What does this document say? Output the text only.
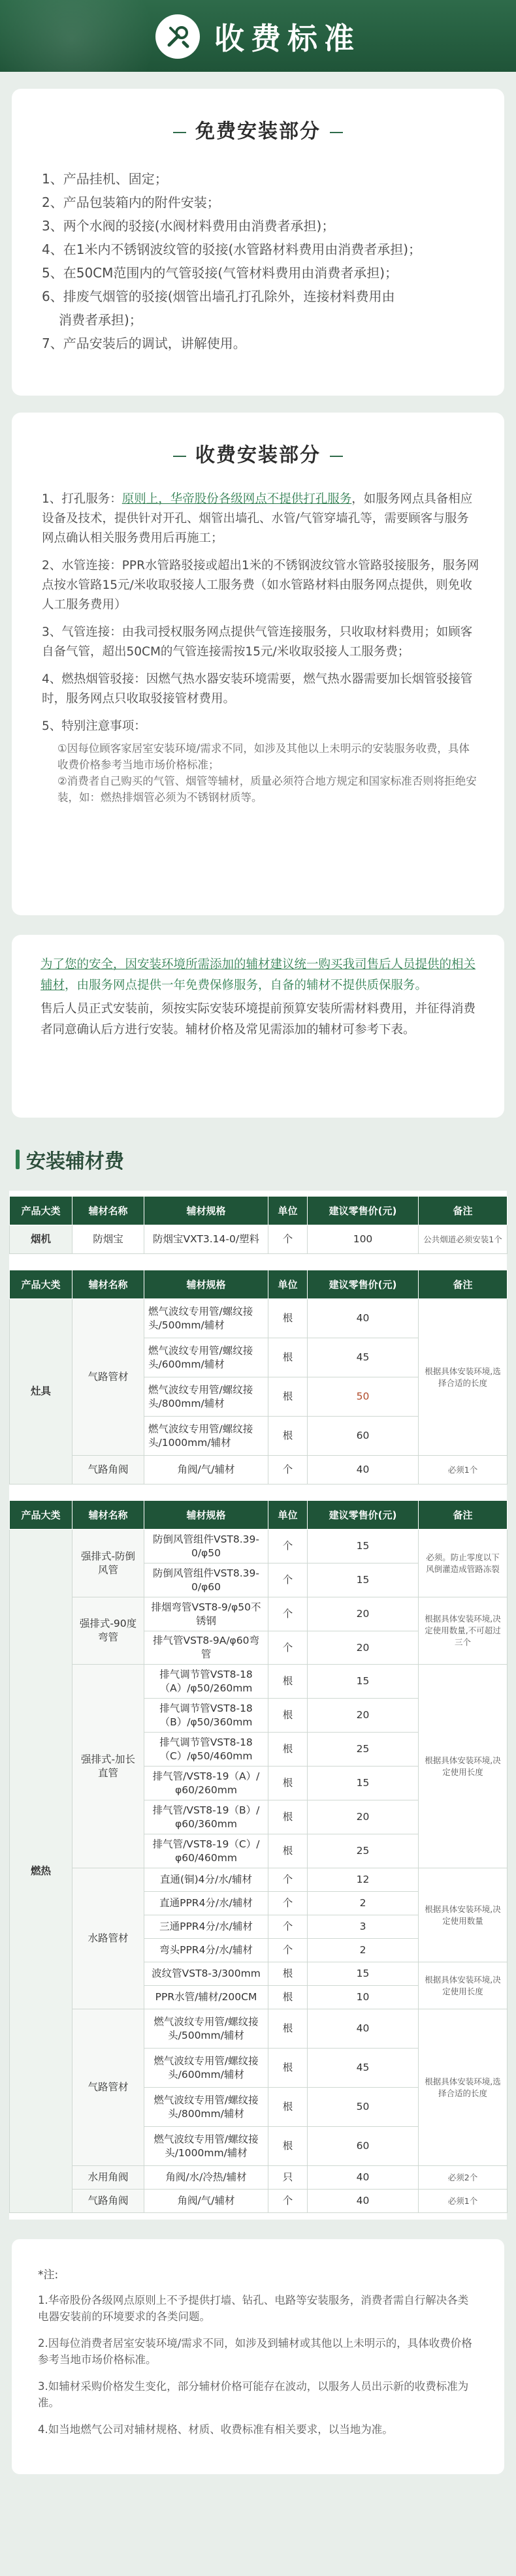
收费标准
免费安装部分
1、产品挂机、固定；
2、产品包装箱内的附件安装；
3、两个水阀的驳接(水阀材料费用由消费者承担)；
4、在1米内不锈钢波纹管的驳接(水管路材料费用由消费者承担)；
5、在50CM范围内的气管驳接(气管材料费用由消费者承担)；
6、排废气烟管的驳接(烟管出墙孔打孔除外，连接材料费用由
消费者承担)；
7、产品安装后的调试，讲解使用。
收费安装部分
1、打孔服务：原则上，华帝股份各级网点不提供打孔服务，如服务网点具备相应设备及技术，提供针对开孔、烟管出墙孔、水管/气管穿墙孔等，需要顾客与服务网点确认相关服务费用后再施工；
2、水管连接：PPR水管路驳接或超出1米的不锈钢波纹管水管路驳接服务，服务网点按水管路15元/米收取驳接人工服务费（如水管路材料由服务网点提供，则免收人工服务费用）
3、气管连接：由我司授权服务网点提供气管连接服务，只收取材料费用；如顾客自备气管，超出50CM的气管连接需按15元/米收取驳接人工服务费；
4、燃热烟管驳接：因燃气热水器安装环境需要，燃气热水器需要加长烟管驳接管时，服务网点只收取驳接管材费用。
5、特别注意事项：
①因每位顾客家居室安装环境/需求不同，如涉及其他以上未明示的安装服务收费，具体收费价格参考当地市场价格标准；
②消费者自己购买的气管、烟管等辅材，质量必须符合地方规定和国家标准否则将拒绝安装，如：燃热排烟管必须为不锈钢材质等。
为了您的安全，因安装环境所需添加的辅材建议统一购买我司售后人员提供的相关辅材，由服务网点提供一年免费保修服务，自备的辅材不提供质保服务。
售后人员正式安装前，须按实际安装环境提前预算安装所需材料费用，并征得消费者同意确认后方进行安装。辅材价格及常见需添加的辅材可参考下表。
安装辅材费
产品大类	辅材名称	辅材规格	单位	建议零售价(元)	备注
烟机	防烟宝	防烟宝VXT3.14-0/塑料	个	100	公共烟道必须安装1个
产品大类	辅材名称	辅材规格	单位	建议零售价(元)	备注
灶具	气路管材	燃气波纹专用管/螺纹接头/500mm/辅材	根	40	根据具体安装环境,选择合适的长度
		燃气波纹专用管/螺纹接头/600mm/辅材	根	45	
		燃气波纹专用管/螺纹接头/800mm/辅材	根	50	
		燃气波纹专用管/螺纹接头/1000mm/辅材	根	60	
	气路角阀	角阀/气/辅材	个	40	必须1个
产品大类	辅材名称	辅材规格	单位	建议零售价(元)	备注
燃热	强排式-防倒风管	防倒风管组件VST8.39-0/φ50	个	15	必须。防止零度以下风倒灌造成管路冻裂
		防倒风管组件VST8.39-0/φ60	个	15	
	强排式-90度弯管	排烟弯管VST8-9/φ50不锈钢	个	20	根据具体安装环境,决定使用数量,不可超过三个
		排气管VST8-9A/φ60弯管	个	20	
	强排式-加长直管	排气调节管VST8-18（A）/φ50/260mm	根	15	根据具体安装环境,决定使用长度
		排气调节管VST8-18（B）/φ50/360mm	根	20	
		排气调节管VST8-18（C）/φ50/460mm	根	25	
		排气管/VST8-19（A）/φ60/260mm	根	15	
		排气管/VST8-19（B）/φ60/360mm	根	20	
		排气管/VST8-19（C）/φ60/460mm	根	25	
	水路管材	直通(铜)4分/水/辅材	个	12	根据具体安装环境,决定使用数量
		直通PPR4分/水/辅材	个	2	
		三通PPR4分/水/辅材	个	3	
		弯头PPR4分/水/辅材	个	2	
		波纹管VST8-3/300mm	根	15	根据具体安装环境,决定使用长度
		PPR水管/辅材/200CM	根	10	
	气路管材	燃气波纹专用管/螺纹接头/500mm/辅材	根	40	根据具体安装环境,选择合适的长度
		燃气波纹专用管/螺纹接头/600mm/辅材	根	45	
		燃气波纹专用管/螺纹接头/800mm/辅材	根	50	
		燃气波纹专用管/螺纹接头/1000mm/辅材	根	60	
	水用角阀	角阀/水/冷热/辅材	只	40	必须2个
	气路角阀	角阀/气/辅材	个	40	必须1个
*注:

1.华帝股份各级网点原则上不予提供打墙、钻孔、电路等安装服务，消费者需自行解决各类电器安装前的环境要求的各类问题。

2.因每位消费者居室安装环境/需求不同，如涉及到辅材或其他以上未明示的，具体收费价格参考当地市场价格标准。

3.如辅材采购价格发生变化，部分辅材价格可能存在波动，以服务人员出示新的收费标准为准。

4.如当地燃气公司对辅材规格、材质、收费标准有相关要求，以当地为准。
